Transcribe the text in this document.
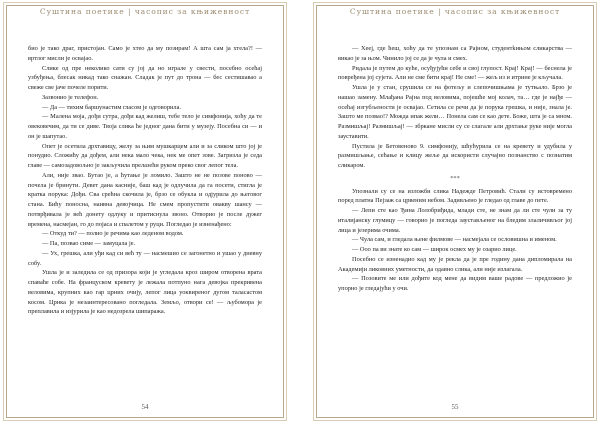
Суштина поетике | часопис за књижевност

био је тако драг, пристојан. Само је хтео да му позирам! А шта сам ја хтела?! — вртлог мисли је осваjао.

Слике од пре неколико сати су јој да но играле у свести, посебно осећај узбуђења, блесак никад тако снажан. Сладак је пут до трона — бес сестишавао а свеже све јаче почеле порити.

Зазвонио је телефон.

— Да — тихим баршунастим гласом је одговорила.

— Малена моја, дођи сутра, дођи кад желиш, тебе тело је симфонија, хоћу да те овековечим, да ти се диве. Твоја слика ће једног дана бити у музеју. Посебна си — и он је шапутао.

Опет је осетила дрхтавицу, желу за њим мушкарцем али и за сликом што јој је понудио. Сложићу да дођем, али нека мало чека, нек ме опет зове. Загризла је седа главе — самозадовољно је закључила прелазећи руком преко свог лепог тела.

Али, није звао. Бутао је, а ћутање је ломило. Зашто не не позове поново — почела је бринути. Девет дана касније, баш кад је одлучила да га посети, стигла је кратка порука: Дођи. Сва срећна скочила је, брзо се обукла и одјурила до његовог стана. Бићу поносна, наивна девојчица. Не смем пропустити овакву шансу — потврђивала је већ донету одлуку и притиснула звоно. Отворио је после дужег времена, насмејан, го до појаса и спалетом у руци. Погледао је изненађено:

— Откуд ти? — полио је речима као леденом водом.

— Па, позвао симе — замуцала је.

— Ух, грешка, али уђи кад си већ ту — насмешио се загонетно и ушао у дневну собу.

Ушла је и заледила се од призора који је угледала кроз широм отворена врата спаваће собе. На француском кревету је лежала потпуно нага девојка прекривена вeлoвима, крупних као гар црних очију, лепог лица уоквиреног дугом таласастом косом. Црнка је незаинтересовано погледала. Земљо, отвори се! — љубомора је преплавила и изјурила је као недозрела шипаража.

54
Суштина поетике | часопис за књижевност

— Хееј, где ћеш, хоћу да те упознам са Рајном, студентkињом сликарства — викао је за њом. Чинило јој се да је чула и смех.

Ридала је путем до куће, осуђујући себе и свој глупост. Крај! Крај! — беснела је повређена јој сујета. Али не сме бити краj! Не сме! — жељ из и итрине је кључала.

Ушла је у стан, срушила се на фотељу и слепочишњама је тутњало. Брзо је нашао замену. Млађана Рајна под веловима, поjeшћe мој колач, та… где је наjђе — осећај изгубљености је осваjао. Сетила се речи да је порука грешка, и није, знала је. Зашто ме позвао!? Можда ипак жели… Понела сам се као дете. Боже, шта је са мном. Размишљај! Размишљај! — збркане мисли су се слагале али дрхтање руке није могла заустaвити.

Пустила је Бетовеново 9. симфонију, шћућурила се на кревету и удубила у размишљање, сећање и клицу жеље да искористи случајно познанство с познатим сликаром.

***

Упознали су се на изложби слика Надежде Петровић. Стали су истовремено поред платна Пејзаж са црвеним небом. Задивљено је гледао од главе до пете.

— Лепи сте као Ђина Лолобриђида, млади сте, не знам да ли сте чули за ту италијанску глумицу — говорио је погледа заустављеног на бледим злаличивљог јој лица и језерима очима.

— Чула сам, и гледала њене филмове — насмејала се ословишна и именом.

— Ооо па ви знате ко сам — широк осмех му је озарио лице.

Посебно се изненадио кад му је рекла да је пре годину дана дипломирала на Академији ликовних уметности, да одавно слика, али није излагала.

— Позовите ме или дођите код мене да видим ваше радове — предложио је упорно је гледајући у очи.

55
